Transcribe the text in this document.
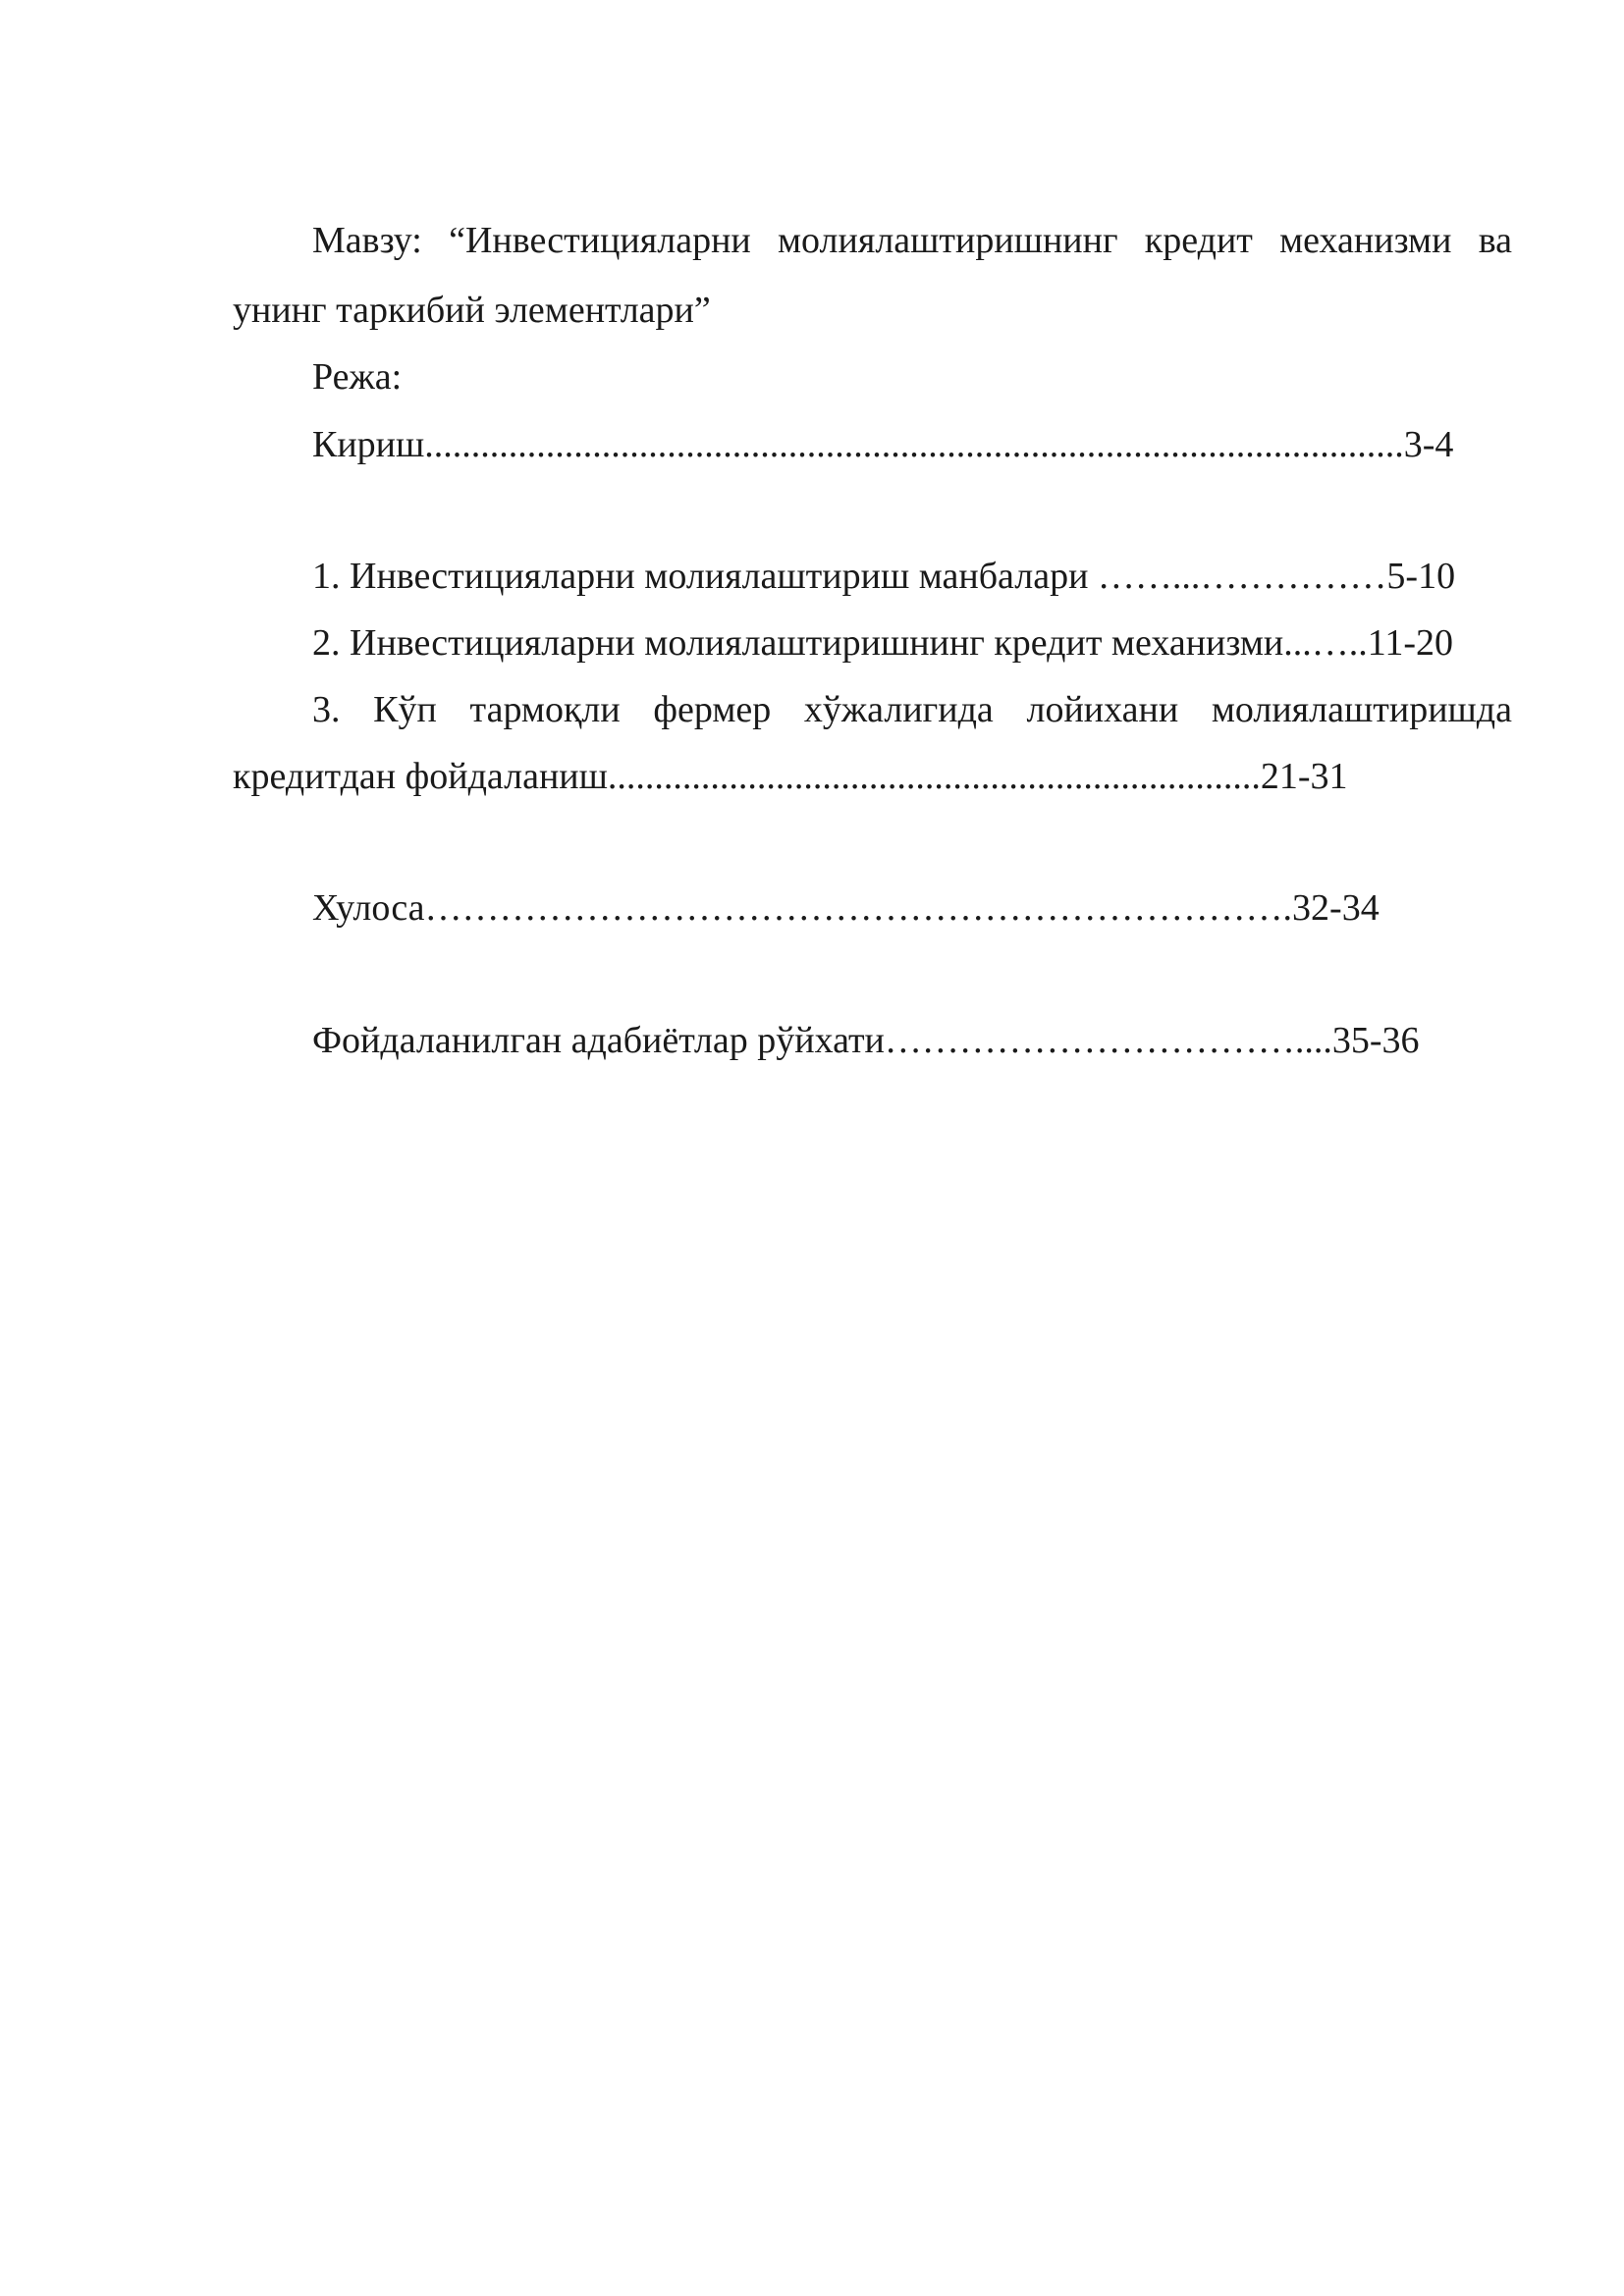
Мавзу: “Инвестицияларни молиялаштиришнинг кредит механизми ва

унинг таркибий элементлари”

Режа:

Кириш.........................................................................................................3-4

1. Инвестицияларни молиялаштириш манбалари ……...……………5-10

2. Инвестицияларни молиялаштиришнинг кредит механизми...…..11-20

3. Кўп тармоқли фермер хўжалигида лойихани молиялаштиришда

кредитдан фойдаланиш......................................................................21-31

Хулоса…………………………………………………………….32-34

Фойдаланилган адабиётлар рўйхати……………………………....35-36
